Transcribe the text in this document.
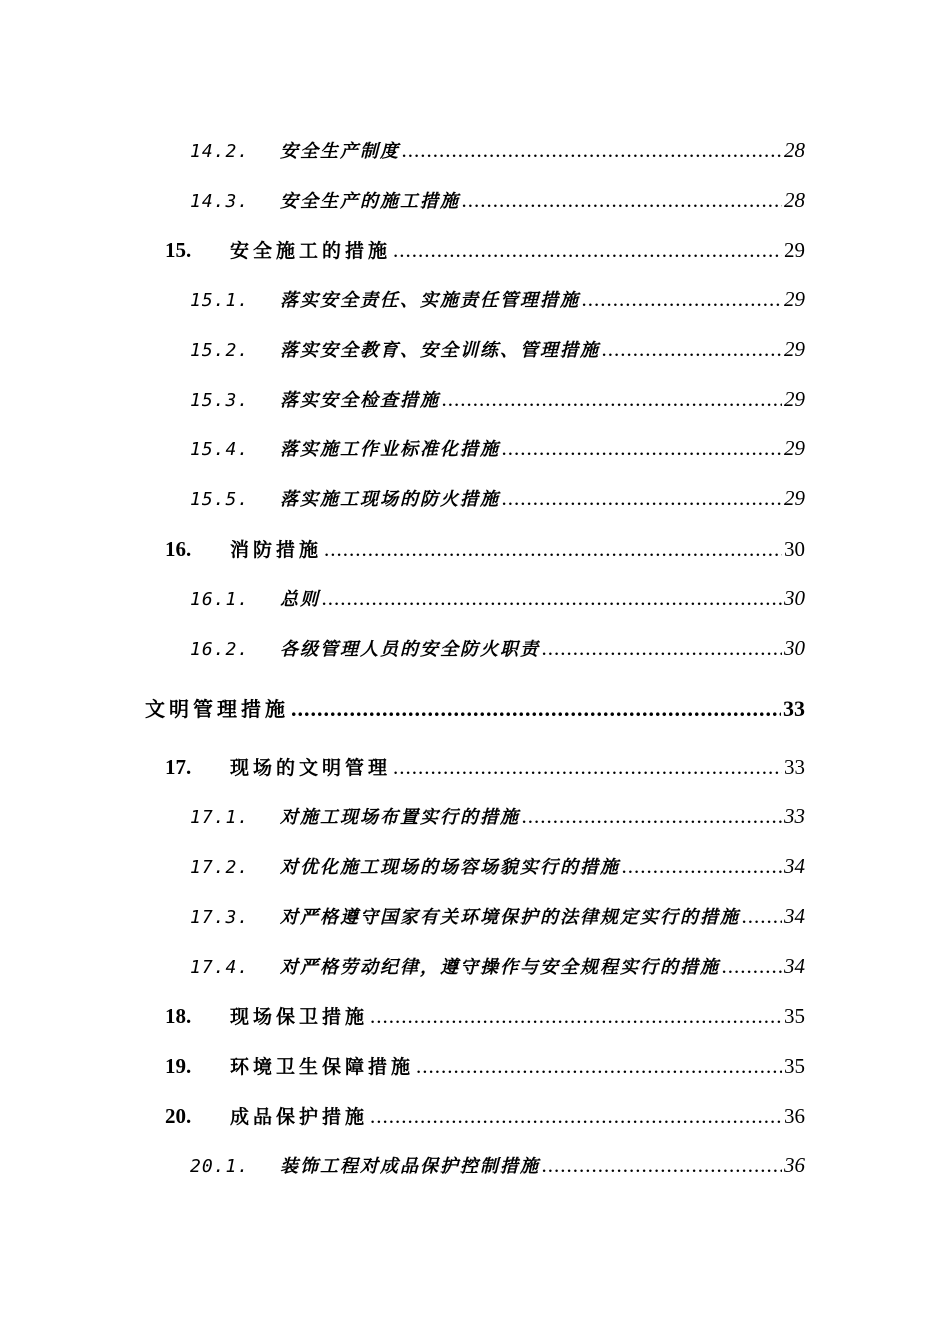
14.2.	安全生产制度 .....	28
14.3.	安全生产的施工措施 .....	28
15.	安全施工的措施 .....	29
15.1.	落实安全责任、实施责任管理措施 .....	29
15.2.	落实安全教育、安全训练、管理措施 .....	29
15.3.	落实安全检查措施 .....	29
15.4.	落实施工作业标准化措施 .....	29
15.5.	落实施工现场的防火措施 .....	29
16.	消防措施 .....	30
16.1.	总则 .....	30
16.2.	各级管理人员的安全防火职责 .....	30
文明管理措施 .....	33
17.	现场的文明管理 .....	33
17.1.	对施工现场布置实行的措施 .....	33
17.2.	对优化施工现场的场容场貌实行的措施 .....	34
17.3.	对严格遵守国家有关环境保护的法律规定实行的措施 ..... 34
17.4.	对严格劳动纪律，遵守操作与安全规程实行的措施 .....	34
18.	现场保卫措施 .....	35
19.	环境卫生保障措施 .....	35
20.	成品保护措施 .....	36
20.1.	装饰工程对成品保护控制措施 .....	36
